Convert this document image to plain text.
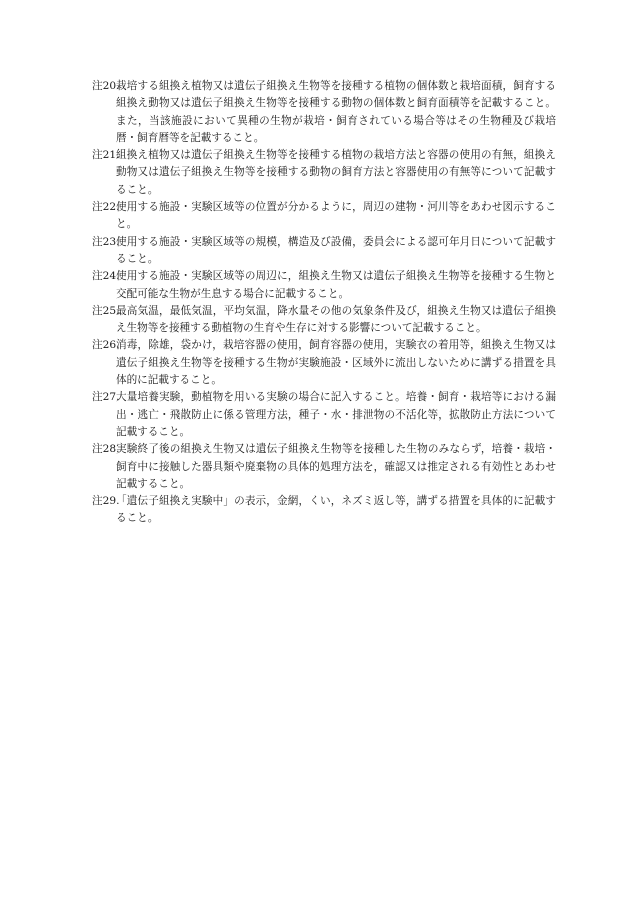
注20.
栽培する組換え植物又は遺伝子組換え生物等を接種する植物の個体数と栽培面積，飼育する組換え動物又は遺伝子組換え生物等を接種する動物の個体数と飼育面積等を記載すること。また，当該施設において異種の生物が栽培・飼育されている場合等はその生物種及び栽培暦・飼育暦等を記載すること。

注21.
組換え植物又は遺伝子組換え生物等を接種する植物の栽培方法と容器の使用の有無，組換え動物又は遺伝子組換え生物等を接種する動物の飼育方法と容器使用の有無等について記載すること。

注22.
使用する施設・実験区域等の位置が分かるように，周辺の建物・河川等をあわせ図示すること。

注23.
使用する施設・実験区域等の規模，構造及び設備，委員会による認可年月日について記載すること。

注24.
使用する施設・実験区域等の周辺に，組換え生物又は遺伝子組換え生物等を接種する生物と交配可能な生物が生息する場合に記載すること。

注25.
最高気温，最低気温，平均気温，降水量その他の気象条件及び，組換え生物又は遺伝子組換え生物等を接種する動植物の生育や生存に対する影響について記載すること。

注26.
消毒，除雄，袋かけ，栽培容器の使用，飼育容器の使用，実験衣の着用等，組換え生物又は遺伝子組換え生物等を接種する生物が実験施設・区域外に流出しないために講ずる措置を具体的に記載すること。

注27.
大量培養実験，動植物を用いる実験の場合に記入すること。培養・飼育・栽培等における漏出・逃亡・飛散防止に係る管理方法，種子・水・排泄物の不活化等，拡散防止方法について記載すること。

注28.
実験終了後の組換え生物又は遺伝子組換え生物等を接種した生物のみならず，培養・栽培・飼育中に接触した器具類や廃棄物の具体的処理方法を，確認又は推定される有効性とあわせ記載すること。

注29.
「遺伝子組換え実験中」の表示，金網，くい，ネズミ返し等，講ずる措置を具体的に記載すること。
